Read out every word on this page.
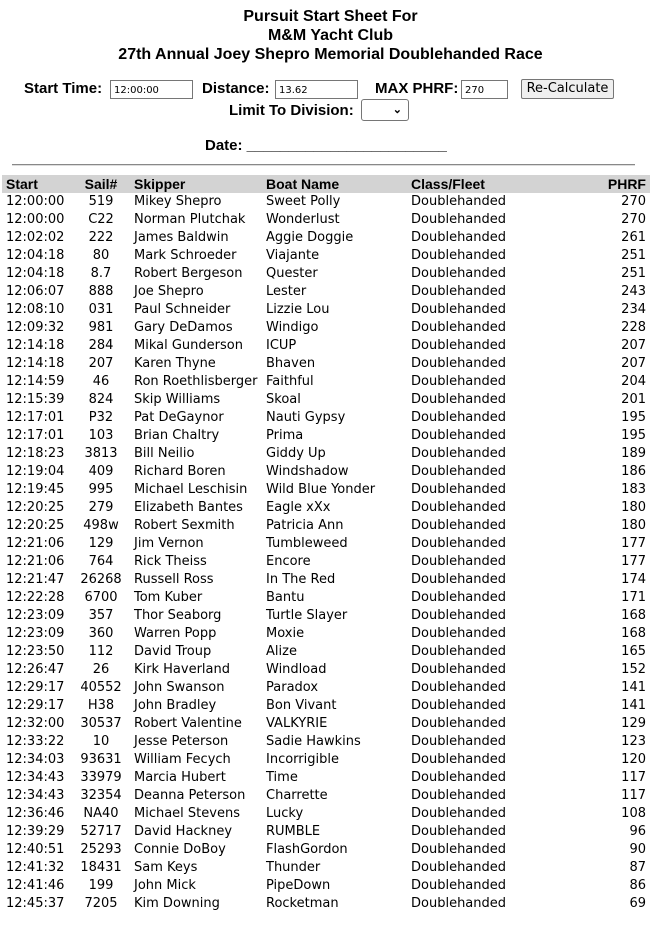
Pursuit Start Sheet For
M&M Yacht Club
27th Annual Joey Shepro Memorial Doublehanded Race
Start Time:	12:00:00	Distance: 13.62	MAX PHRF: 270	Re-Calculate
Limit To Division:	⌄
Date: ________________________
Start	Sail#	Skipper	Boat Name	Class/Fleet	PHRF
12:00:00	519	Mikey Shepro	Sweet Polly	Doublehanded	270
12:00:00	C22	Norman Plutchak	Wonderlust	Doublehanded	270
12:02:02	222	James Baldwin	Aggie Doggie	Doublehanded	261
12:04:18	80	Mark Schroeder	Viajante	Doublehanded	251
12:04:18	8.7	Robert Bergeson	Quester	Doublehanded	251
12:06:07	888	Joe Shepro	Lester	Doublehanded	243
12:08:10	031	Paul Schneider	Lizzie Lou	Doublehanded	234
12:09:32	981	Gary DeDamos	Windigo	Doublehanded	228
12:14:18	284	Mikal Gunderson	ICUP	Doublehanded	207
12:14:18	207	Karen Thyne	Bhaven	Doublehanded	207
12:14:59	46	Ron Roethlisberger	Faithful	Doublehanded	204
12:15:39	824	Skip Williams	Skoal	Doublehanded	201
12:17:01	P32	Pat DeGaynor	Nauti Gypsy	Doublehanded	195
12:17:01	103	Brian Chaltry	Prima	Doublehanded	195
12:18:23	3813	Bill Neilio	Giddy Up	Doublehanded	189
12:19:04	409	Richard Boren	Windshadow	Doublehanded	186
12:19:45	995	Michael Leschisin	Wild Blue Yonder	Doublehanded	183
12:20:25	279	Elizabeth Bantes	Eagle xXx	Doublehanded	180
12:20:25	498w	Robert Sexmith	Patricia Ann	Doublehanded	180
12:21:06	129	Jim Vernon	Tumbleweed	Doublehanded	177
12:21:06	764	Rick Theiss	Encore	Doublehanded	177
12:21:47	26268	Russell Ross	In The Red	Doublehanded	174
12:22:28	6700	Tom Kuber	Bantu	Doublehanded	171
12:23:09	357	Thor Seaborg	Turtle Slayer	Doublehanded	168
12:23:09	360	Warren Popp	Moxie	Doublehanded	168
12:23:50	112	David Troup	Alize	Doublehanded	165
12:26:47	26	Kirk Haverland	Windload	Doublehanded	152
12:29:17	40552	John Swanson	Paradox	Doublehanded	141
12:29:17	H38	John Bradley	Bon Vivant	Doublehanded	141
12:32:00	30537	Robert Valentine	VALKYRIE	Doublehanded	129
12:33:22	10	Jesse Peterson	Sadie Hawkins	Doublehanded	123
12:34:03	93631	William Fecych	Incorrigible	Doublehanded	120
12:34:43	33979	Marcia Hubert	Time	Doublehanded	117
12:34:43	32354	Deanna Peterson	Charrette	Doublehanded	117
12:36:46	NA40	Michael Stevens	Lucky	Doublehanded	108
12:39:29	52717	David Hackney	RUMBLE	Doublehanded	96
12:40:51	25293	Connie DoBoy	FlashGordon	Doublehanded	90
12:41:32	18431	Sam Keys	Thunder	Doublehanded	87
12:41:46	199	John Mick	PipeDown	Doublehanded	86
12:45:37	7205	Kim Downing	Rocketman	Doublehanded	69
